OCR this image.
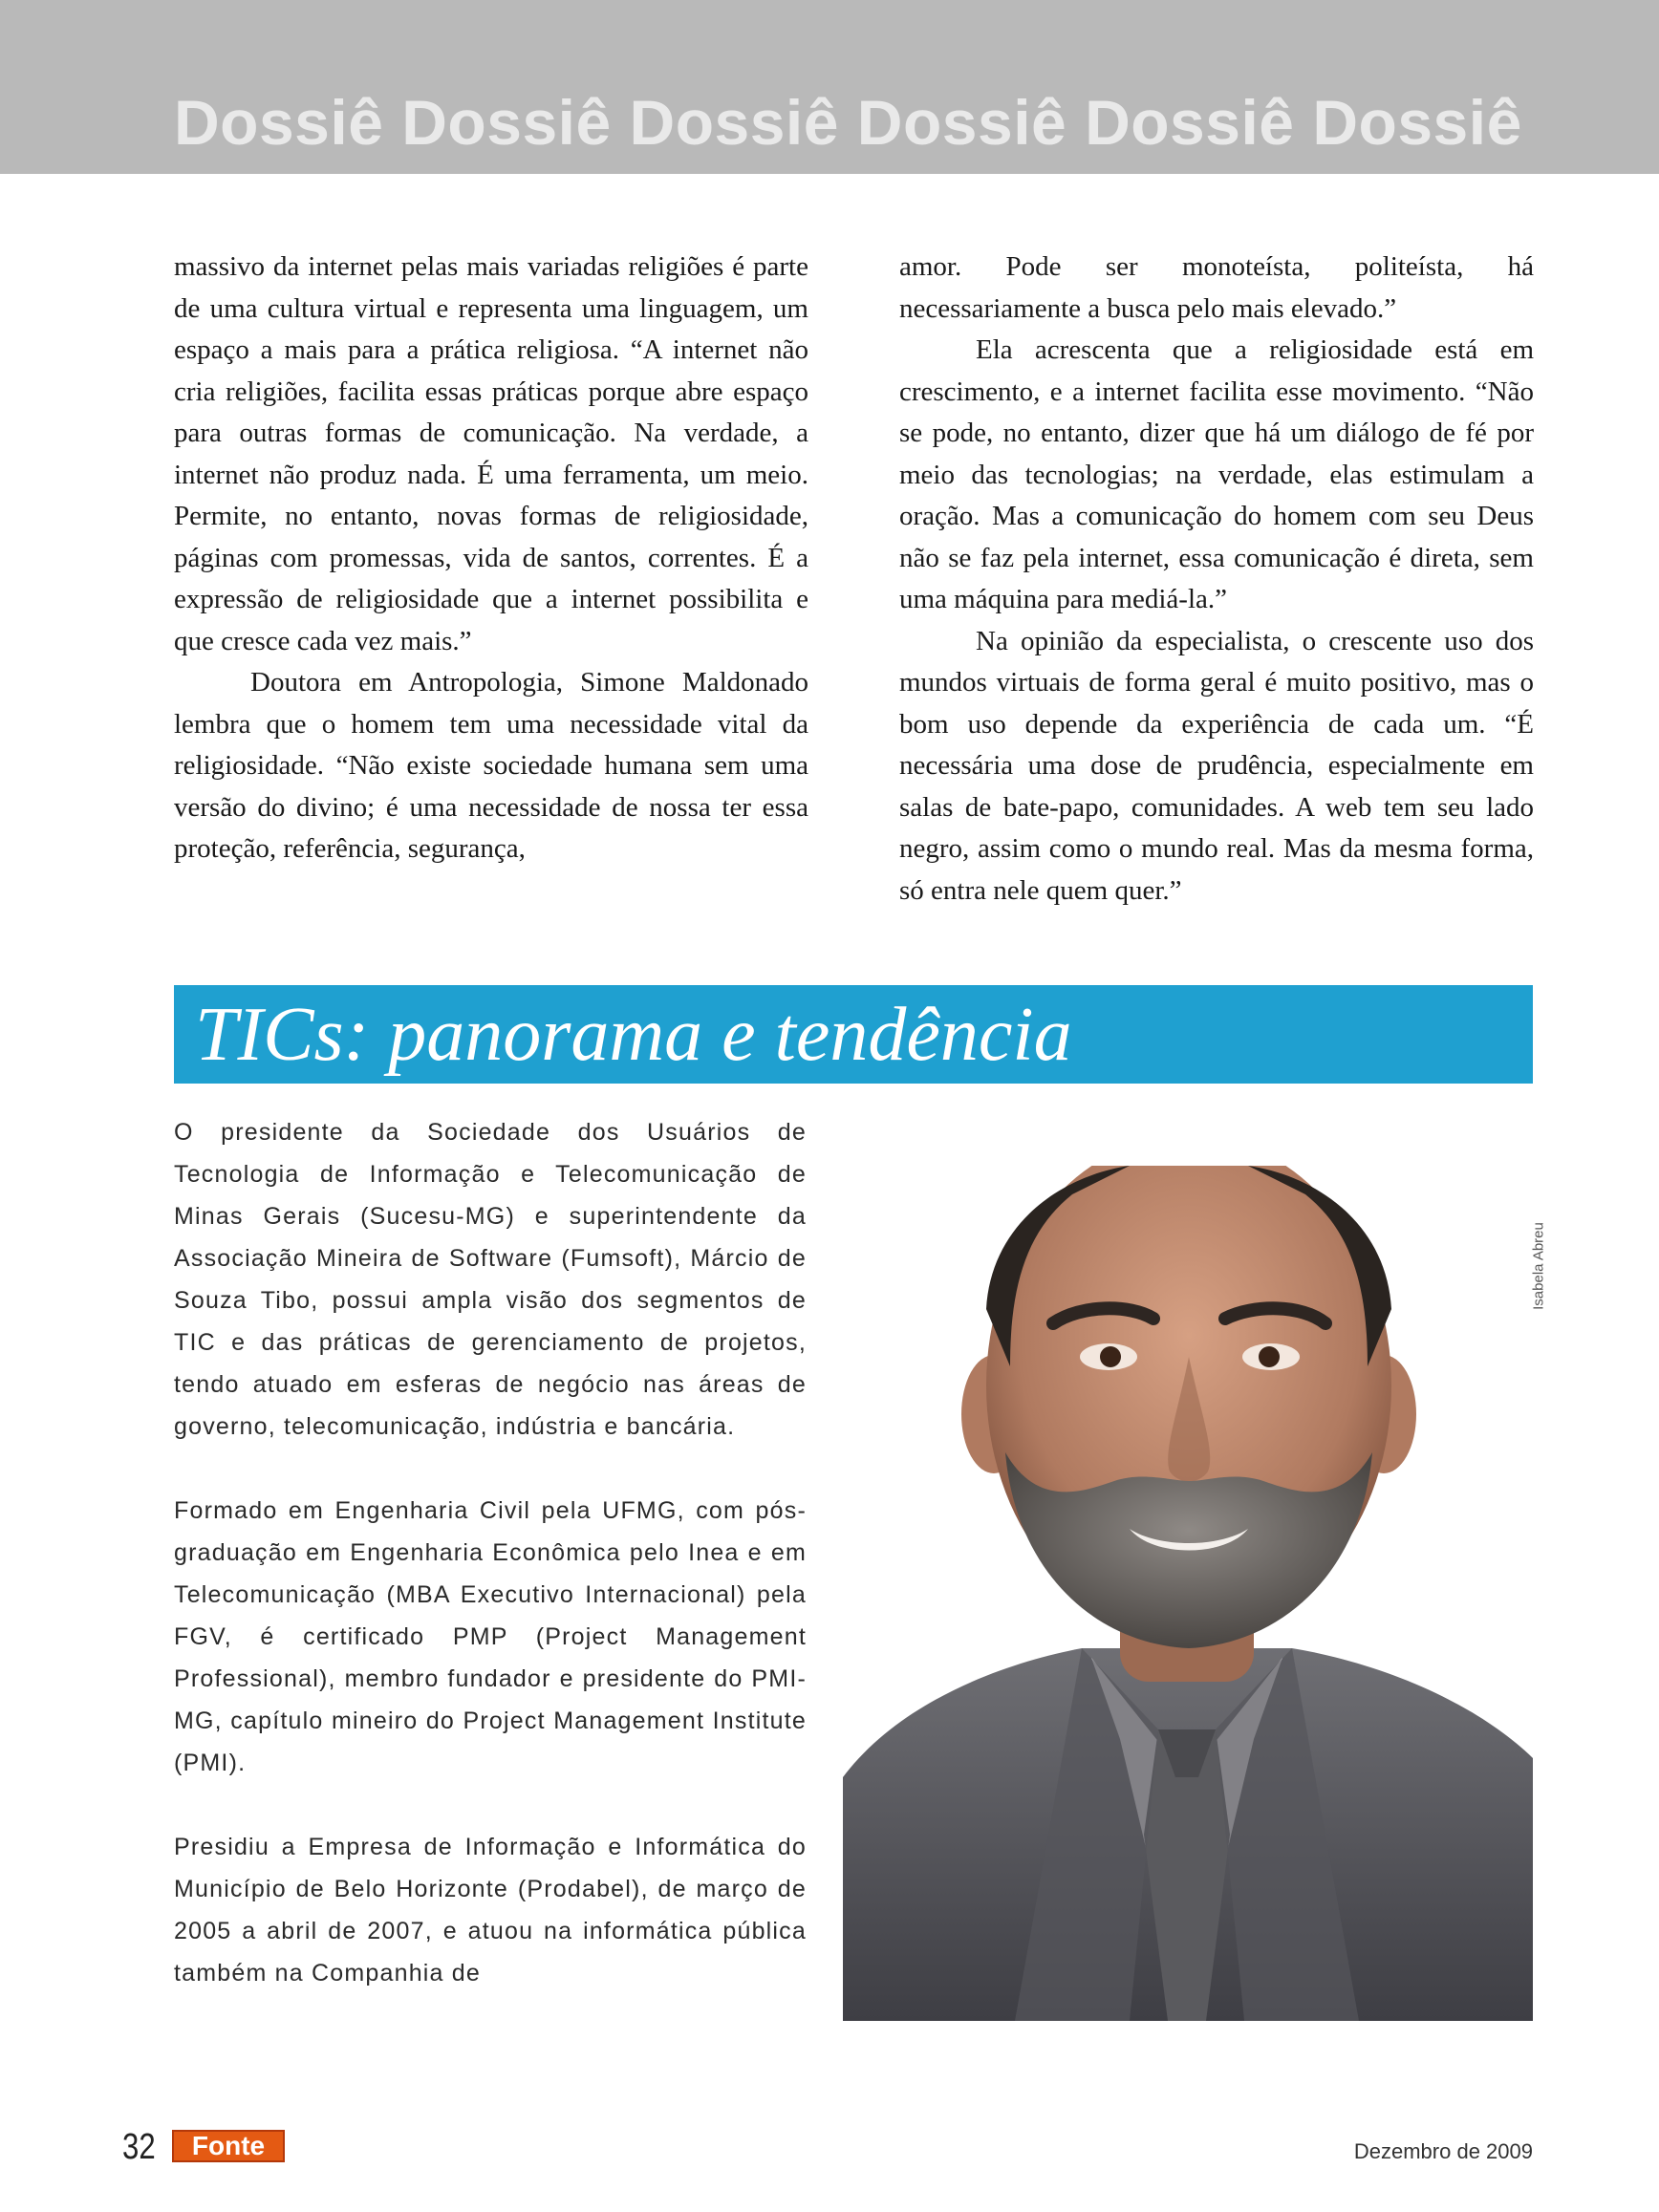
Dossiê Dossiê Dossiê Dossiê Dossiê Dossiê

massivo da internet pelas mais variadas religiões é parte de uma cultura virtual e representa uma linguagem, um espaço a mais para a prática religiosa. “A internet não cria religiões, facilita essas práticas porque abre espaço para outras formas de comunicação. Na verdade, a internet não produz nada. É uma ferramenta, um meio. Permite, no entanto, novas formas de religiosidade, páginas com promessas, vida de santos, correntes. É a expressão de religiosidade que a internet possibilita e que cresce cada vez mais.”

Doutora em Antropologia, Simone Maldonado lembra que o homem tem uma necessidade vital da religiosidade. “Não existe sociedade humana sem uma versão do divino; é uma necessidade de nossa ter essa proteção, referência, segurança,

amor. Pode ser monoteísta, politeísta, há necessariamente a busca pelo mais elevado.”

Ela acrescenta que a religiosidade está em crescimento, e a internet facilita esse movimento. “Não se pode, no entanto, dizer que há um diálogo de fé por meio das tecnologias; na verdade, elas estimulam a oração. Mas a comunicação do homem com seu Deus não se faz pela internet, essa comunicação é direta, sem uma máquina para mediá-la.”

Na opinião da especialista, o crescente uso dos mundos virtuais de forma geral é muito positivo, mas o bom uso depende da experiência de cada um. “É necessária uma dose de prudência, especialmente em salas de bate-papo, comunidades. A web tem seu lado negro, assim como o mundo real. Mas da mesma forma, só entra nele quem quer.”

TICs: panorama e tendência

O presidente da Sociedade dos Usuários de Tecnologia de Informação e Telecomunicação de Minas Gerais (Sucesu-MG) e superintendente da Associação Mineira de Software (Fumsoft), Márcio de Souza Tibo, possui ampla visão dos segmentos de TIC e das práticas de gerenciamento de projetos, tendo atuado em esferas de negócio nas áreas de governo, telecomunicação, indústria e bancária.

Formado em Engenharia Civil pela UFMG, com pós-graduação em Engenharia Econômica pelo Inea e em Telecomunicação (MBA Executivo Internacional) pela FGV, é certificado PMP (Project Management Professional), membro fundador e presidente do PMI-MG, capítulo mineiro do Project Management Institute (PMI).

Presidiu a Empresa de Informação e Informática do Município de Belo Horizonte (Prodabel), de março de 2005 a abril de 2007, e atuou na informática pública também na Companhia de

Isabela Abreu
32	Fonte	Dezembro de 2009
